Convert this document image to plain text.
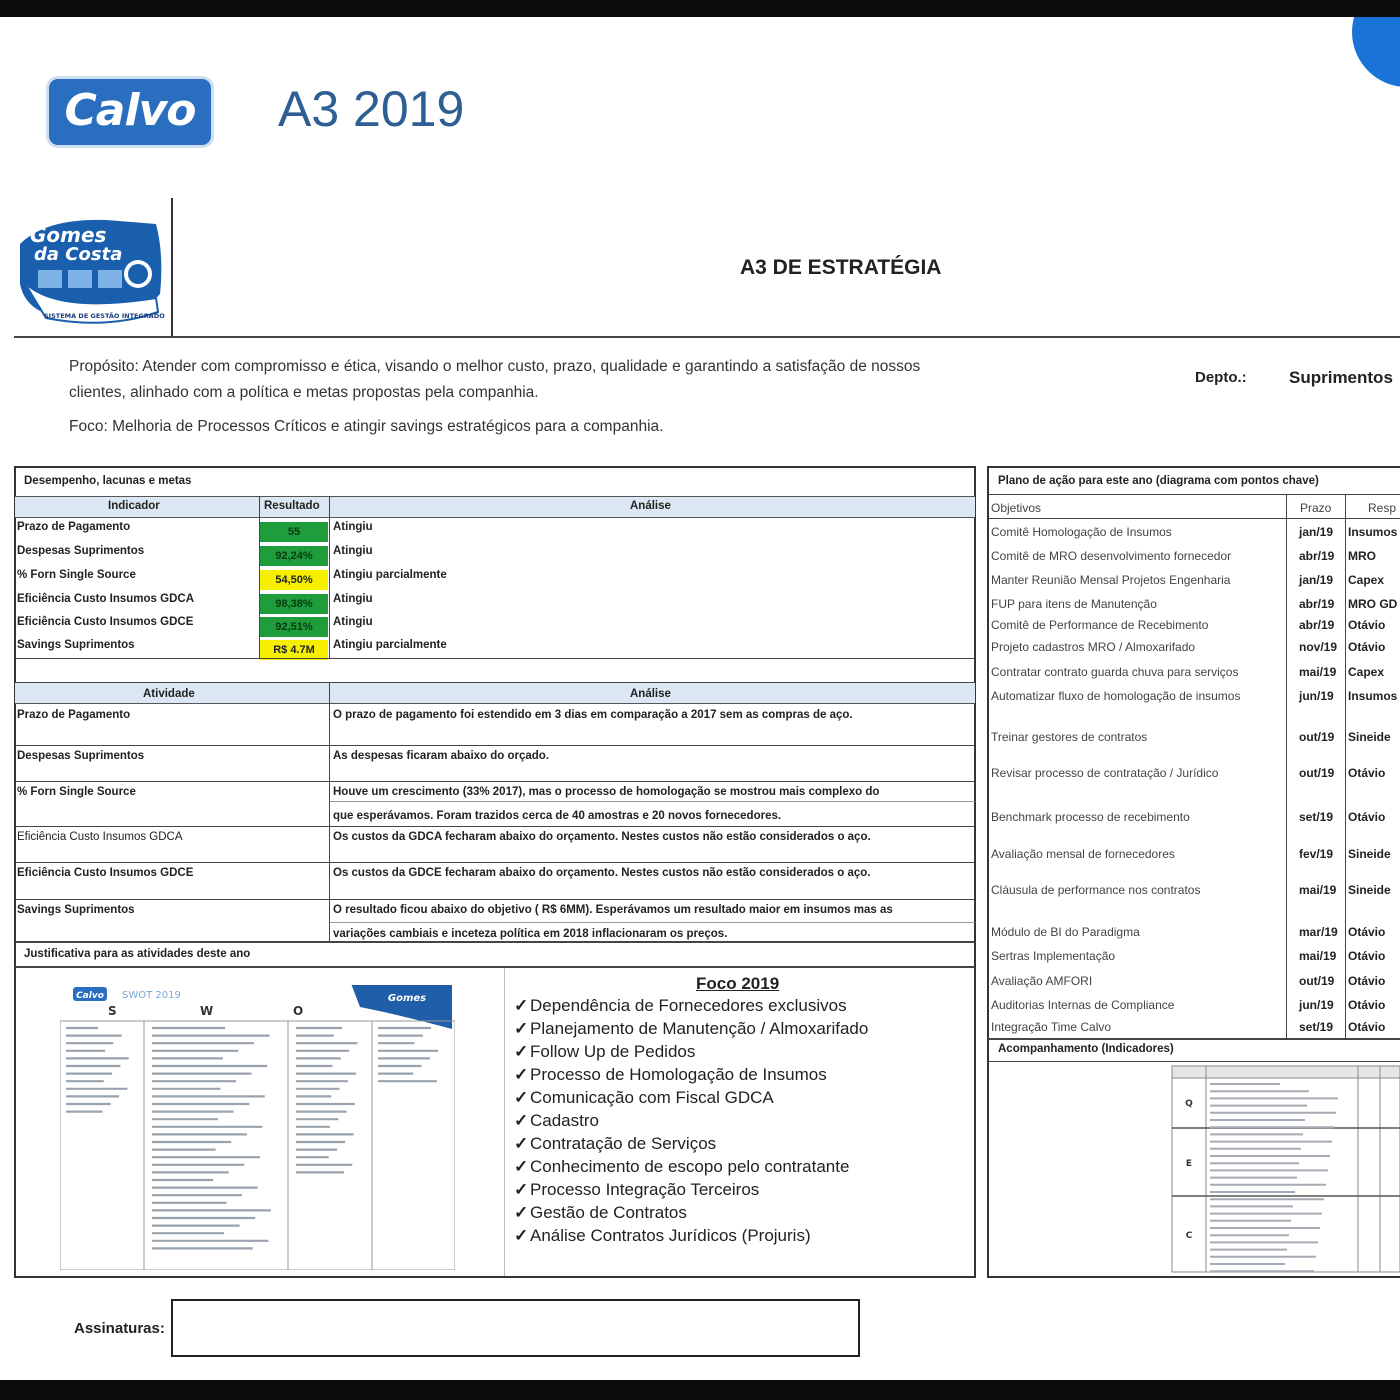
Calvo	A3 2019
Gomes
da Costa
SISTEMA DE GESTÃO INTEGRADO
A3 DE ESTRATÉGIA
Propósito: Atender com compromisso e ética, visando o melhor custo, prazo, qualidade e garantindo a satisfação de nossos clientes, alinhado com a política e metas propostas pela companhia.
Foco: Melhoria de Processos Críticos e atingir savings estratégicos para a companhia.
Depto.: Suprimentos
Desempenho, lacunas e metas
Indicador	Resultado	Análise
Prazo de Pagamento	55	Atingiu
Despesas Suprimentos	92,24%	Atingiu
% Forn Single Source	54,50%	Atingiu parcialmente
Eficiência Custo Insumos GDCA	98,38%	Atingiu
Eficiência Custo Insumos GDCE	92,51%	Atingiu
Savings Suprimentos	R$ 4.7M	Atingiu parcialmente
Atividade	Análise
Prazo de Pagamento	O prazo de pagamento foi estendido em 3 dias em comparação a 2017 sem as compras de aço.
Despesas Suprimentos	As despesas ficaram abaixo do orçado.
% Forn Single Source	Houve um crescimento (33% 2017), mas o processo de homologação se mostrou mais complexo do
que esperávamos. Foram trazidos cerca de 40 amostras e 20 novos fornecedores.
Eficiência Custo Insumos GDCA	Os custos da GDCA fecharam abaixo do orçamento. Nestes custos não estão considerados o aço.
Eficiência Custo Insumos GDCE	Os custos da GDCE fecharam abaixo do orçamento. Nestes custos não estão considerados o aço.
Savings Suprimentos	O resultado ficou abaixo do objetivo ( R$ 6MM). Esperávamos um resultado maior em insumos mas as
variações cambiais e inceteza política em 2018 inflacionaram os preços.
Justificativa para as atividades deste ano
Calvo SWOT 2019	Gomes
S	W	O
Foco 2019
✓ Dependência de Fornecedores exclusivos
✓ Planejamento de Manutenção / Almoxarifado
✓ Follow Up de Pedidos
✓ Processo de Homologação de Insumos
✓ Comunicação com Fiscal GDCA
✓ Cadastro
✓ Contratação de Serviços
✓ Conhecimento de escopo pelo contratante
✓ Processo Integração Terceiros
✓ Gestão de Contratos
✓ Análise Contratos Jurídicos (Projuris)
Plano de ação para este ano (diagrama com pontos chave)
Objetivos	Prazo	Resp
Comitê Homologação de Insumos	jan/19 Insumos
Comitê de MRO desenvolvimento fornecedor	abr/19 MRO
Manter Reunião Mensal Projetos Engenharia	jan/19 Capex
FUP para itens de Manutenção	abr/19 MRO GD
Comitê de Performance de Recebimento	abr/19 Otávio
Projeto cadastros MRO / Almoxarifado	nov/19 Otávio
Contratar contrato guarda chuva para serviços	mai/19 Capex
Automatizar fluxo de homologação de insumos	jun/19 Insumos
Treinar gestores de contratos	out/19 Sineide
Revisar processo de contratação / Jurídico	out/19 Otávio
Benchmark processo de recebimento	set/19 Otávio
Avaliação mensal de fornecedores	fev/19 Sineide
Cláusula de performance nos contratos	mai/19 Sineide
Módulo de BI do Paradigma	mar/19 Otávio
Sertras Implementação	mai/19 Otávio
Avaliação AMFORI	out/19 Otávio
Auditorias Internas de Compliance	jun/19 Otávio
Integração Time Calvo	set/19 Otávio
Acompanhamento (Indicadores)
Q
E
C
Assinaturas:
